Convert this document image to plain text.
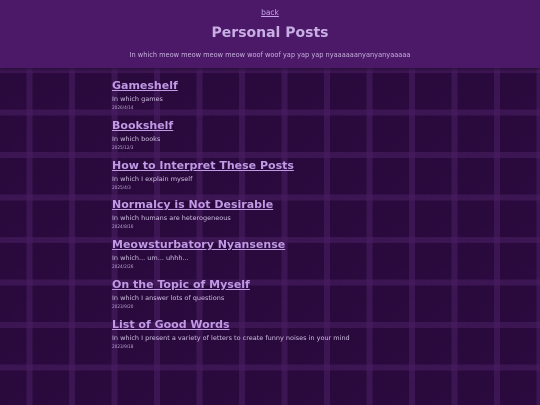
back
Personal Posts
In which meow meow meow meow woof woof yap yap yap nyaaaaaanyanyanyaaaaa
Gameshelf
In which games
2026/4/14
Bookshelf
In which books
2025/12/3
How to Interpret These Posts
In which I explain myself
2025/4/3
Normalcy is Not Desirable
In which humans are heterogeneous
2024/8/16
Meowsturbatory Nyansense
In which... um... uhhh...
2024/2/26
On the Topic of Myself
In which I answer lots of questions
2023/9/20
List of Good Words
In which I present a variety of letters to create funny noises in your mind
2023/9/18
